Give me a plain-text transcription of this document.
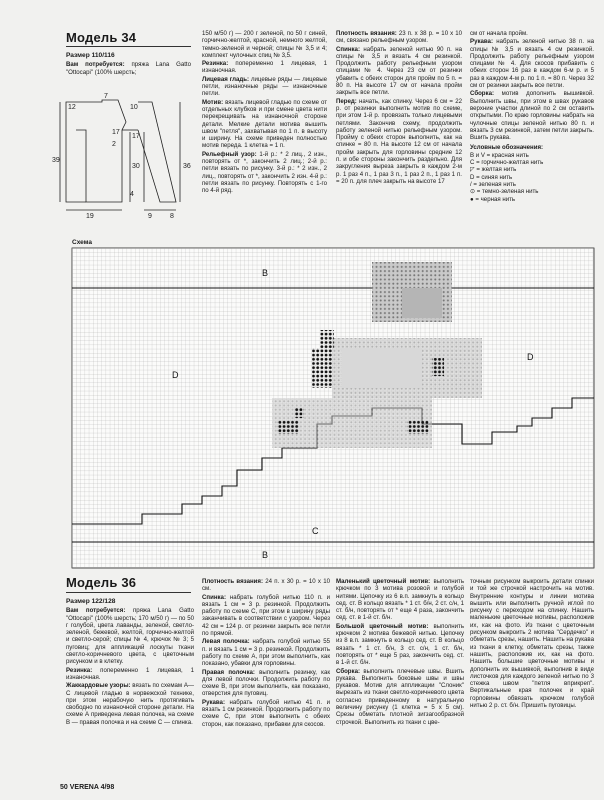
Модель 34
Размер 110/116

Вам потребуется: пряжа Lana Gatto "Ottocapi" (100% шерсть;

12
7
10
17
2
30
17
39
36
19
4
9	8

150 м/50 г) — 200 г зеленой, по 50 г синей, горчично-желтой, красной, немного желтой, темно-зеленой и черной; спицы № 3,5 и 4; комплект чулочных спиц № 3,5.

Резинка: попеременно 1 лицевая, 1 изнаночная.

Лицевая гладь: лицевые ряды — лицевые петли, изнаночные ряды — изнаночные петли.

Мотив: вязать лицевой гладью по схеме от отдельных клубков и при смене цвета нити перекрещивать на изнаночной стороне детали. Мелкие детали мотива вышить швом "петля", захватывая по 1 п. в высоту и ширину. На схеме приведен полностью мотив переда. 1 клетка = 1 п.

Рельефный узор: 1-й р.: * 2 лиц., 2 изн., повторять от *, закончить 2 лиц.; 2-й р.: петли вязать по рисунку. 3-й р.: * 2 изн., 2 лиц., повторять от *, закончить 2 изн. 4-й р.: петли вязать по рисунку. Повторять с 1-го по 4-й ряд.

Плотность вязания: 23 п. х 38 р. = 10 х 10 см, связано рельефным узором.

Спинка: набрать зеленой нитью 90 п. на спицы № 3,5 и вязать 4 см резинкой. Продолжить работу рельефным узором спицами № 4. Через 23 см от резинки убавить с обеих сторон для пройм по 5 п. = 80 п. На высоте 17 см от начала пройм закрыть все петли.

Перед: начать, как спинку. Через 6 см = 22 р. от резинки выполнить мотив по схеме, при этом 1-й р. провязать только лицевыми петлями. Закончив схему, продолжить работу зеленой нитью рельефным узором. Пройму с обеих сторон выполнить, как на спинке = 80 п. На высоте 12 см от начала пройм закрыть для горловины средние 12 п. и обе стороны закончить раздельно. Для закругления выреза закрыть в каждом 2-м р. 1 раз 4 п., 1 раз 3 п., 1 раз 2 п., 1 раз 1 п. = 20 п. для плеч закрыть на высоте 17

см от начала пройм.

Рукава: набрать зеленой нитью 38 п. на спицы № 3,5 и вязать 4 см резинкой. Продолжить работу рельефным узором спицами № 4. Для скосов прибавить с обеих сторон 16 раз в каждом 6-м р. и 5 раз в каждом 4-м р. по 1 п. = 80 п. Через 32 см от резинки закрыть все петли.

Сборка: мотив дополнить вышивкой. Выполнить швы, при этом в швах рукавов верхние участки длиной по 2 см оставить открытыми. По краю горловины набрать на чулочные спицы зеленой нитью 80 п. и вязать 3 см резинкой, затем петли закрыть. Вшить рукава.

Условные обозначения:

В и V = красная нить

С = горчично-желтая нить

◸ = желтая нить

D = синяя нить

/ = зеленая нить

⊙ = темно-зеленая нить

● = черная нить

Схема
B
D
D
C
B
Модель 36
Размер 122/128

Вам потребуется: пряжа Lana Gatto "Ottocapi" (100% шерсть; 170 м/50 г) — по 50 г голубой, цвета лаванды, зеленой, светло-зеленой, бежевой, желтой, горчично-желтой и светло-серой; спицы № 4, крючок № 3; 5 пуговиц; для аппликаций лоскуты ткани светло-коричневого цвета, с цветочным рисунком и в клетку.

Резинка: попеременно 1 лицевая, 1 изнаночная.

Жаккардовые узоры: вязать по схемам А—С лицевой гладью в норвежской технике, при этом нерабочую нить протягивать свободно по изнаночной стороне детали. На схеме А приведена левая полочка, на схеме В — правая полочка и на схеме С — спинка.

Плотность вязания: 24 п. х 30 р. = 10 х 10 см.

Спинка: набрать голубой нитью 110 п. и вязать 1 см = 3 р. резинкой. Продолжить работу по схеме С, при этом в ширину ряды заканчивать в соответствии с узором. Через 42 см = 124 р. от резинки закрыть все петли по прямой.

Левая полочка: набрать голубой нитью 55 п. и вязать 1 см = 3 р. резинкой. Продолжить работу по схеме А, при этом выполнить, как показано, убавки для горловины.

Правая полочка: выполнить резинку, как для левой полочки. Продолжить работу по схеме В, при этом выполнить, как показано, отверстия для пуговиц.

Рукава: набрать голубой нитью 41 п. и вязать 1 см резинкой. Продолжить работу по схеме С, при этом выполнить с обеих сторон, как показано, прибавки для скосов.

Маленький цветочный мотив: выполнить крючком по 3 мотива розовой и голубой нитями. Цепочку из 6 в.п. замкнуть в кольцо сед. ст. В кольцо вязать * 1 ст. б/н, 2 ст. с/н, 1 ст. б/н, повторять от * еще 4 раза, закончить сед. ст. в 1-й ст. б/н.

Большой цветочный мотив: выполнить крючком 2 мотива бежевой нитью. Цепочку из 8 в.п. замкнуть в кольцо сед. ст. В кольцо вязать * 1 ст. б/н, 3 ст. с/н, 1 ст. б/н, повторять от * еще 5 раз, закончить сед. ст. в 1-й ст. б/н.

Сборка: выполнить плечевые швы. Вшить рукава. Выполнить боковые швы и швы рукавов. Мотив для аппликации "Слоник" вырезать из ткани светло-коричневого цвета согласно приведенному в натуральную величину рисунку (1 клетка = 5 х 5 см). Срезы обметать плотной зигзагообразной строчкой. Выполнить из ткани с цве-

точным рисунком выкроить детали спинки и той же строчкой настрочить на мотив. Внутренние контуры и линии мотива вышить или выполнить ручной иглой по рисунку с переходом на спинку. Нашить маленькие цветочные мотивы, расположив их, как на фото. Из ткани с цветочным рисунком выкроить 2 мотива "Сердечко" и обметать срезы, нашить. Нашить на рукава из ткани в клетку, обметать срезы, также нашить, расположив их, как на фото. Нашить большие цветочные мотивы и дополнить их вышивкой, выполнив в виде листочков для каждого зеленой нитью по 3 стежка швом "петля вприкреп". Вертикальные края полочек и край горловины обвязать крючком голубой нитью 2 р. ст. б/н. Пришить пуговицы.

50 VERENA 4/98
